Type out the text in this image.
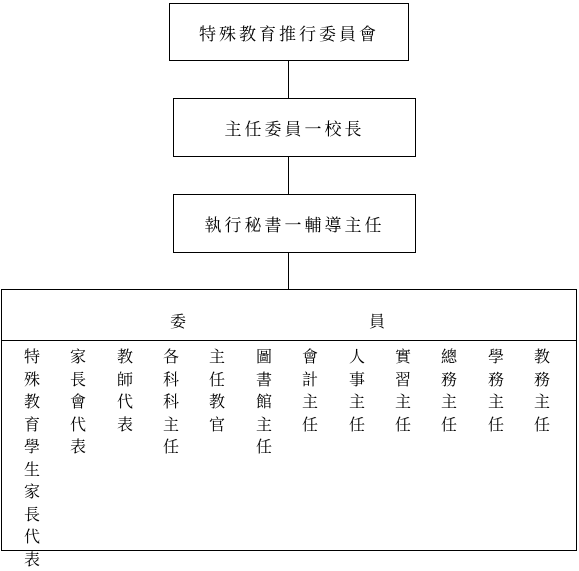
特殊教育推行委員會
主任委員一校長
執行秘書一輔導主任
委	員
特殊教育學生家長代表
家長會代表
教師代表
各科科主任
主任教官
圖書館主任
會計主任
人事主任
實習主任
總務主任
學務主任
教務主任
